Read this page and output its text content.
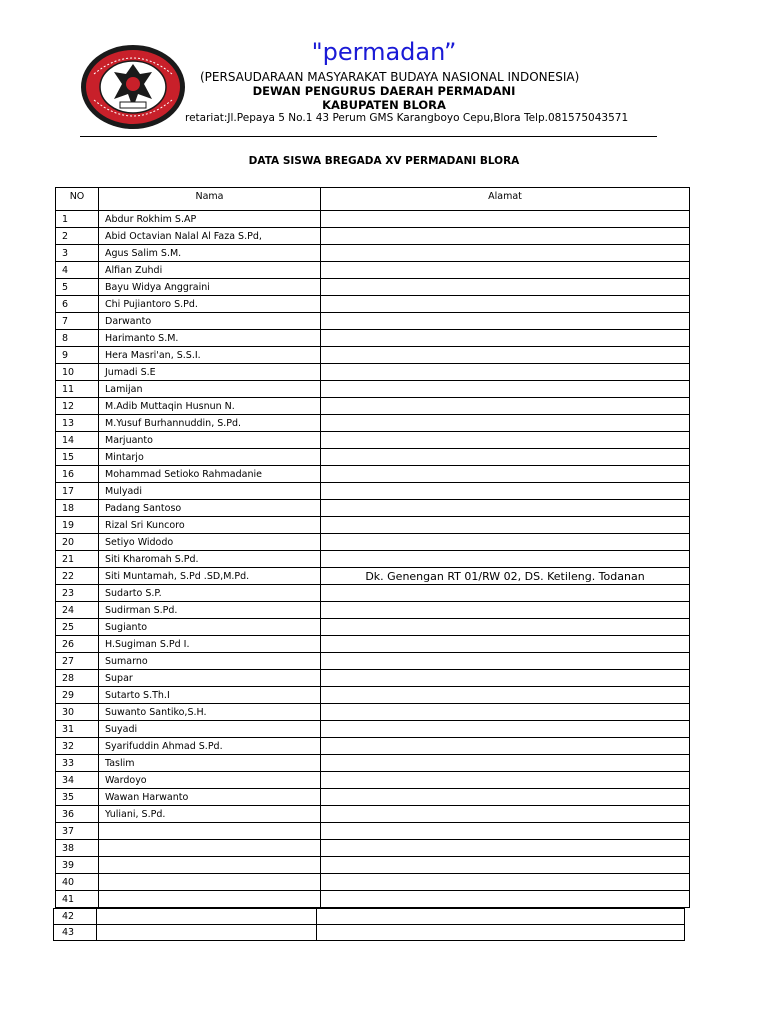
"permadan”
(PERSAUDARAAN MASYARAKAT BUDAYA NASIONAL INDONESIA)
DEWAN PENGURUS DAERAH PERMADANI
KABUPATEN BLORA
retariat:Jl.Pepaya 5 No.1 43 Perum GMS Karangboyo Cepu,Blora Telp.081575043571
DATA SISWA BREGADA XV PERMADANI BLORA
NO	Nama	Alamat
1	Abdur Rokhim S.AP	
2	Abid Octavian Nalal Al Faza S.Pd,	
3	Agus Salim S.M.	
4	Alfian Zuhdi	
5	Bayu Widya Anggraini	
6	Chi Pujiantoro S.Pd.	
7	Darwanto	
8	Harimanto S.M.	
9	Hera Masri'an, S.S.I.	
10	Jumadi S.E	
11	Lamijan	
12	M.Adib Muttaqin Husnun N.	
13	M.Yusuf Burhannuddin, S.Pd.	
14	Marjuanto	
15	Mintarjo	
16	Mohammad Setioko Rahmadanie	
17	Mulyadi	
18	Padang Santoso	
19	Rizal Sri Kuncoro	
20	Setiyo Widodo	
21	Siti Kharomah S.Pd.	
22	Siti Muntamah, S.Pd .SD,M.Pd.	Dk. Genengan RT 01/RW 02, DS. Ketileng. Todanan
23	Sudarto S.P.	
24	Sudirman S.Pd.	
25	Sugianto	
26	H.Sugiman S.Pd I.	
27	Sumarno	
28	Supar	
29	Sutarto S.Th.I	
30	Suwanto Santiko,S.H.	
31	Suyadi	
32	Syarifuddin Ahmad S.Pd.	
33	Taslim	
34	Wardoyo	
35	Wawan Harwanto	
36	Yuliani, S.Pd.	
37		
38		
39		
40		
41		
42		
43		
